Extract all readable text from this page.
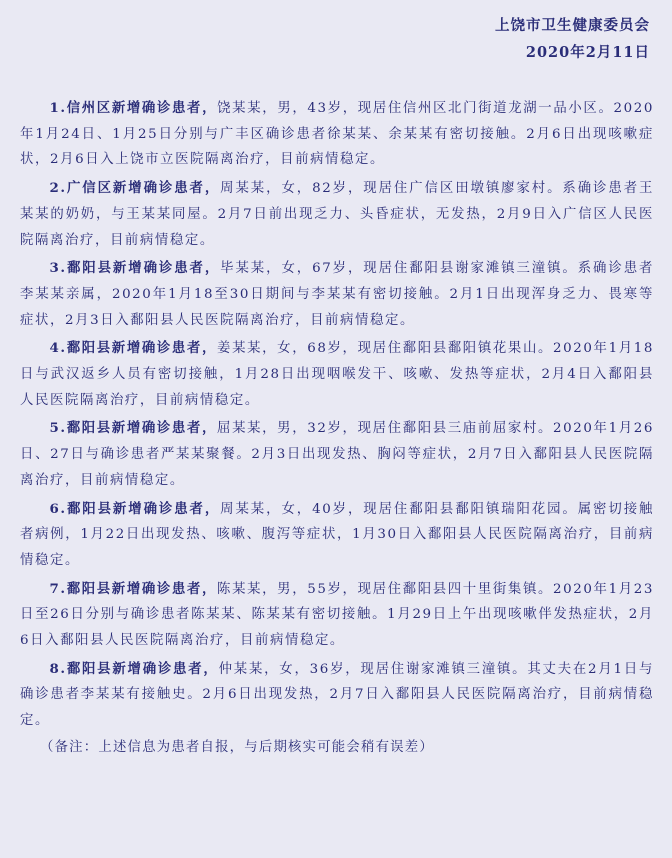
上饶市卫生健康委员会
2020年2月11日

1.信州区新增确诊患者，饶某某，男，43岁，现居住信州区北门街道龙湖一品小区。2020年1月24日、1月25日分别与广丰区确诊患者徐某某、余某某有密切接触。2月6日出现咳嗽症状，2月6日入上饶市立医院隔离治疗，目前病情稳定。

2.广信区新增确诊患者，周某某，女，82岁，现居住广信区田墩镇廖家村。系确诊患者王某某的奶奶，与王某某同屋。2月7日前出现乏力、头昏症状，无发热，2月9日入广信区人民医院隔离治疗，目前病情稳定。

3.鄱阳县新增确诊患者，毕某某，女，67岁，现居住鄱阳县谢家滩镇三潼镇。系确诊患者李某某亲属，2020年1月18至30日期间与李某某有密切接触。2月1日出现浑身乏力、畏寒等症状，2月3日入鄱阳县人民医院隔离治疗，目前病情稳定。

4.鄱阳县新增确诊患者，姜某某，女，68岁，现居住鄱阳县鄱阳镇花果山。2020年1月18日与武汉返乡人员有密切接触，1月28日出现咽喉发干、咳嗽、发热等症状，2月4日入鄱阳县人民医院隔离治疗，目前病情稳定。

5.鄱阳县新增确诊患者，屈某某，男，32岁，现居住鄱阳县三庙前屈家村。2020年1月26日、27日与确诊患者严某某聚餐。2月3日出现发热、胸闷等症状，2月7日入鄱阳县人民医院隔离治疗，目前病情稳定。

6.鄱阳县新增确诊患者，周某某，女，40岁，现居住鄱阳县鄱阳镇瑞阳花园。属密切接触者病例，1月22日出现发热、咳嗽、腹泻等症状，1月30日入鄱阳县人民医院隔离治疗，目前病情稳定。

7.鄱阳县新增确诊患者，陈某某，男，55岁，现居住鄱阳县四十里街集镇。2020年1月23日至26日分别与确诊患者陈某某、陈某某有密切接触。1月29日上午出现咳嗽伴发热症状，2月6日入鄱阳县人民医院隔离治疗，目前病情稳定。

8.鄱阳县新增确诊患者，仲某某，女，36岁，现居住谢家滩镇三潼镇。其丈夫在2月1日与确诊患者李某某有接触史。2月6日出现发热，2月7日入鄱阳县人民医院隔离治疗，目前病情稳定。

（备注：上述信息为患者自报，与后期核实可能会稍有误差）
